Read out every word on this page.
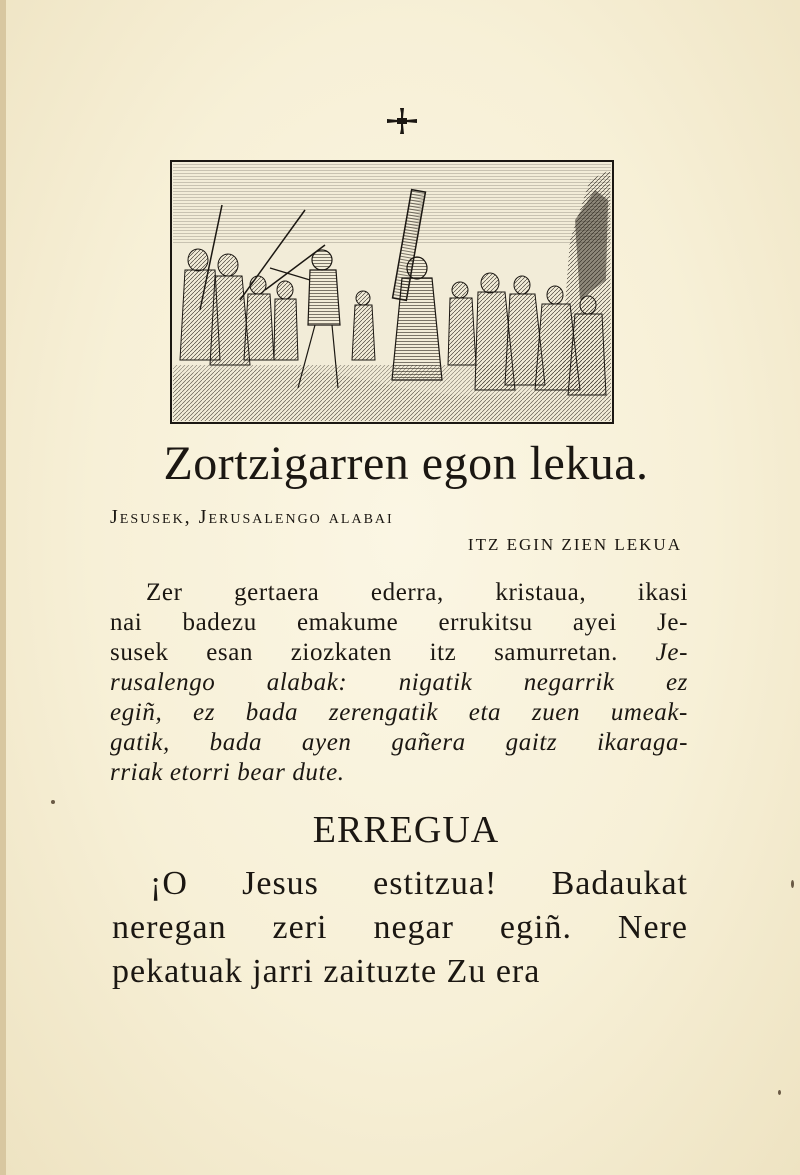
Zortzigarren egon lekua.
Jesusek, Jerusalengo alabai
ITZ EGIN ZIEN LEKUA
Zer gertaera ederra, kristaua, ikasi
nai badezu emakume errukitsu ayei Je-
susek esan ziozkaten itz samurretan. Je-
rusalengo alabak: nigatik negarrik ez
egiñ, ez bada zerengatik eta zuen umeak-
gatik, bada ayen gañera gaitz ikaraga-
rriak etorri bear dute.
ERREGUA
¡O Jesus estitzua! Badaukat
neregan zeri negar egiñ. Nere
pekatuak jarri zaituzte Zu era
